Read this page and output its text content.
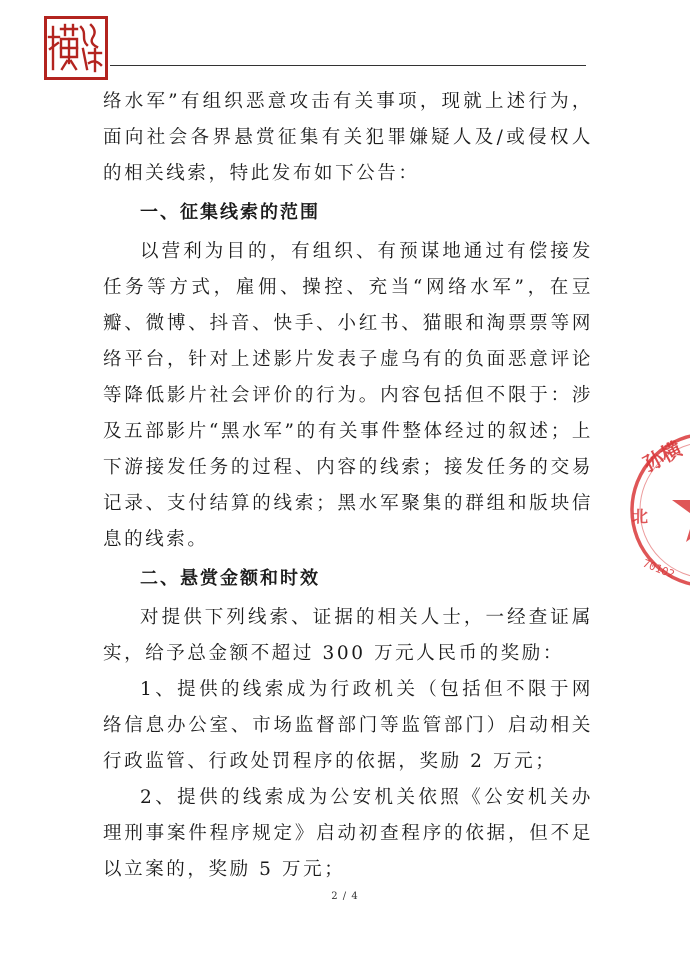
络水军”有组织恶意攻击有关事项，现就上述行为，面向社会各界悬赏征集有关犯罪嫌疑人及/或侵权人的相关线索，特此发布如下公告：

一、征集线索的范围

以营利为目的，有组织、有预谋地通过有偿接发任务等方式，雇佣、操控、充当“网络水军”，在豆瓣、微博、抖音、快手、小红书、猫眼和淘票票等网络平台，针对上述影片发表子虚乌有的负面恶意评论等降低影片社会评价的行为。内容包括但不限于：涉及五部影片“黑水军”的有关事件整体经过的叙述；上下游接发任务的过程、内容的线索；接发任务的交易记录、支付结算的线索；黑水军聚集的群组和版块信息的线索。

二、悬赏金额和时效

对提供下列线索、证据的相关人士，一经查证属实，给予总金额不超过 300 万元人民币的奖励：

1、提供的线索成为行政机关（包括但不限于网络信息办公室、市场监督部门等监管部门）启动相关行政监管、行政处罚程序的依据，奖励 2 万元；

2、提供的线索成为公安机关依照《公安机关办理刑事案件程序规定》启动初查程序的依据，但不足以立案的，奖励 5 万元；

孙横
北
70102
2 / 4
